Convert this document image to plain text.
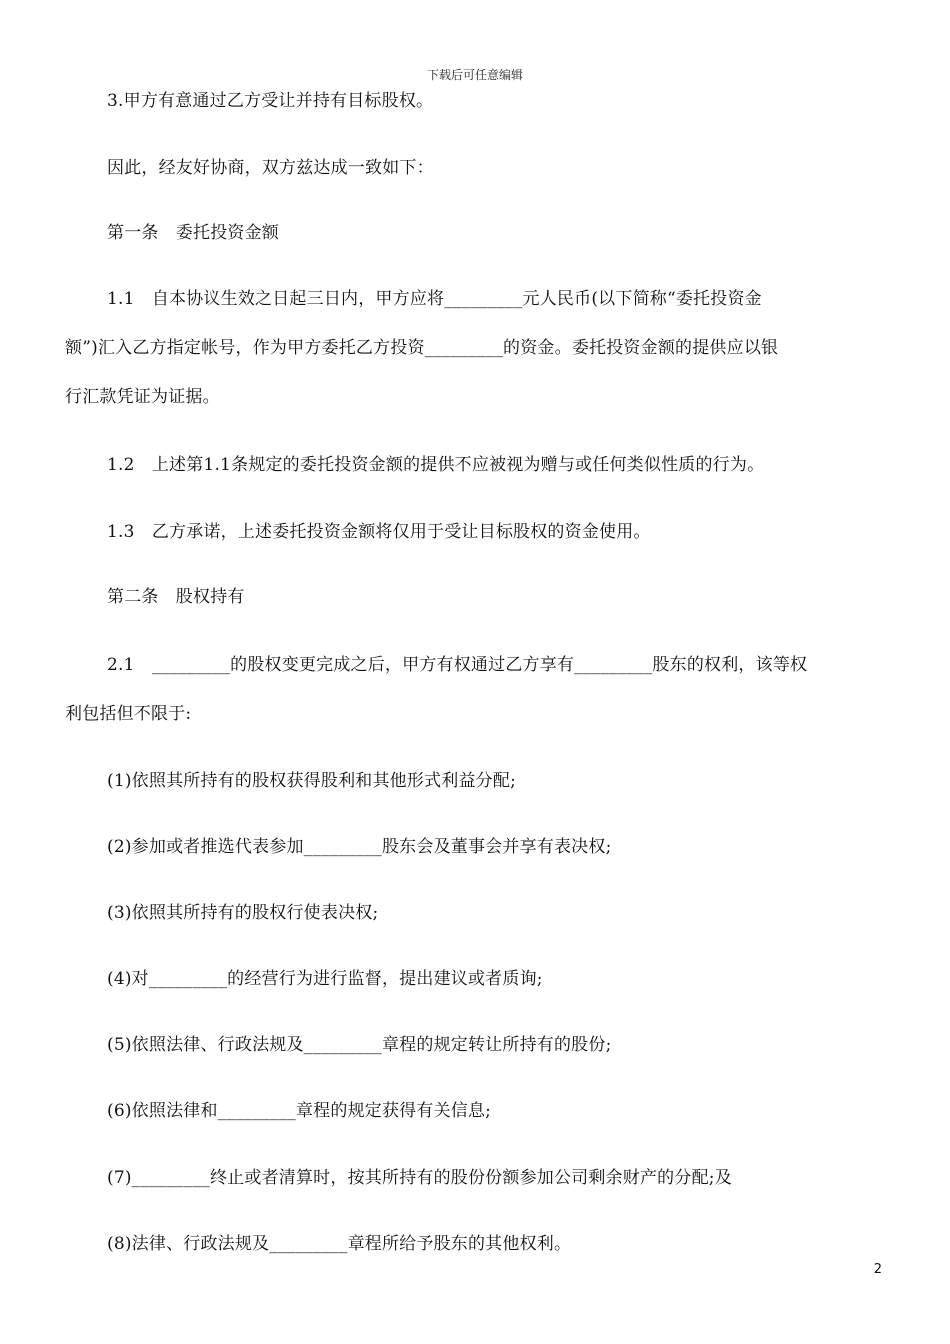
下载后可任意编辑
3.甲方有意通过乙方受让并持有目标股权。
因此，经友好协商，双方兹达成一致如下：
第一条　委托投资金额
1.1　自本协议生效之日起三日内，甲方应将_________元人民币(以下简称“委托投资金
额”)汇入乙方指定帐号，作为甲方委托乙方投资_________的资金。委托投资金额的提供应以银
行汇款凭证为证据。
1.2　上述第1.1条规定的委托投资金额的提供不应被视为赠与或任何类似性质的行为。
1.3　乙方承诺，上述委托投资金额将仅用于受让目标股权的资金使用。
第二条　股权持有
2.1　_________的股权变更完成之后，甲方有权通过乙方享有_________股东的权利，该等权
利包括但不限于:
(1)依照其所持有的股权获得股利和其他形式利益分配;
(2)参加或者推选代表参加_________股东会及董事会并享有表决权;
(3)依照其所持有的股权行使表决权;
(4)对_________的经营行为进行监督，提出建议或者质询;
(5)依照法律、行政法规及_________章程的规定转让所持有的股份;
(6)依照法律和_________章程的规定获得有关信息;
(7)_________终止或者清算时，按其所持有的股份份额参加公司剩余财产的分配;及
(8)法律、行政法规及_________章程所给予股东的其他权利。
2
